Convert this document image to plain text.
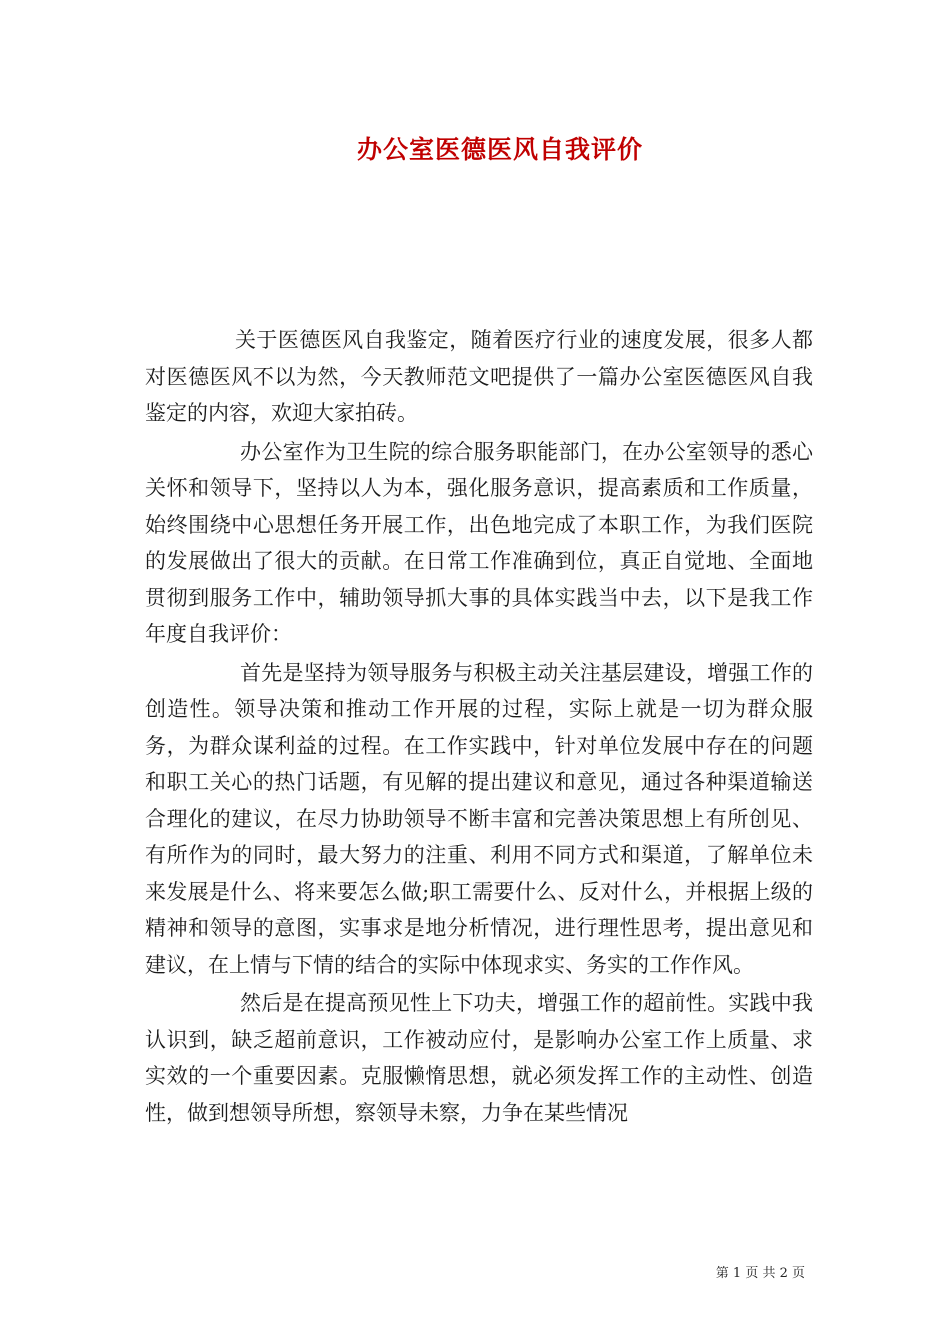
办公室医德医风自我评价

关于医德医风自我鉴定，随着医疗行业的速度发展，很多人都对医德医风不以为然，今天教师范文吧提供了一篇办公室医德医风自我鉴定的内容，欢迎大家拍砖。

办公室作为卫生院的综合服务职能部门，在办公室领导的悉心关怀和领导下，坚持以人为本，强化服务意识，提高素质和工作质量，始终围绕中心思想任务开展工作，出色地完成了本职工作，为我们医院的发展做出了很大的贡献。在日常工作准确到位，真正自觉地、全面地贯彻到服务工作中，辅助领导抓大事的具体实践当中去，以下是我工作年度自我评价：

首先是坚持为领导服务与积极主动关注基层建设，增强工作的创造性。领导决策和推动工作开展的过程，实际上就是一切为群众服务，为群众谋利益的过程。在工作实践中，针对单位发展中存在的问题和职工关心的热门话题，有见解的提出建议和意见，通过各种渠道输送合理化的建议，在尽力协助领导不断丰富和完善决策思想上有所创见、有所作为的同时，最大努力的注重、利用不同方式和渠道，了解单位未来发展是什么、将来要怎么做;职工需要什么、反对什么，并根据上级的精神和领导的意图，实事求是地分析情况，进行理性思考，提出意见和建议，在上情与下情的结合的实际中体现求实、务实的工作作风。

然后是在提高预见性上下功夫，增强工作的超前性。实践中我认识到，缺乏超前意识，工作被动应付，是影响办公室工作上质量、求实效的一个重要因素。克服懒惰思想，就必须发挥工作的主动性、创造性，做到想领导所想，察领导未察，力争在某些情况

第 1 页 共 2 页
